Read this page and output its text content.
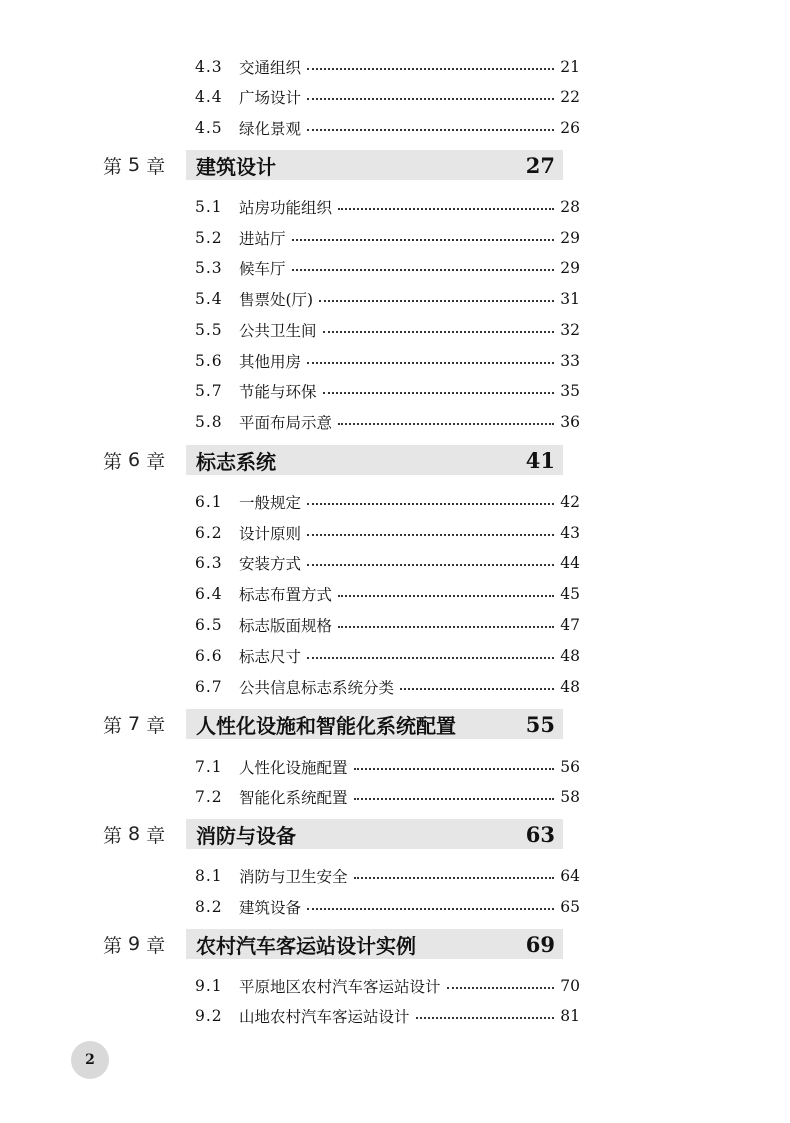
4.3	交通组织	21
4.4	广场设计	22
4.5	绿化景观	26
第 5 章 建筑设计	27
5.1	站房功能组织	28
5.2	进站厅	29
5.3	候车厅	29
5.4	售票处(厅)	31
5.5	公共卫生间	32
5.6	其他用房	33
5.7	节能与环保	35
5.8	平面布局示意	36
第 6 章 标志系统	41
6.1	一般规定	42
6.2	设计原则	43
6.3	安装方式	44
6.4	标志布置方式	45
6.5	标志版面规格	47
6.6	标志尺寸	48
6.7	公共信息标志系统分类	48
第 7 章 人性化设施和智能化系统配置	55
7.1	人性化设施配置	56
7.2	智能化系统配置	58
第 8 章 消防与设备	63
8.1	消防与卫生安全	64
8.2	建筑设备	65
第 9 章 农村汽车客运站设计实例	69
9.1	平原地区农村汽车客运站设计	70
9.2	山地农村汽车客运站设计	81
2
